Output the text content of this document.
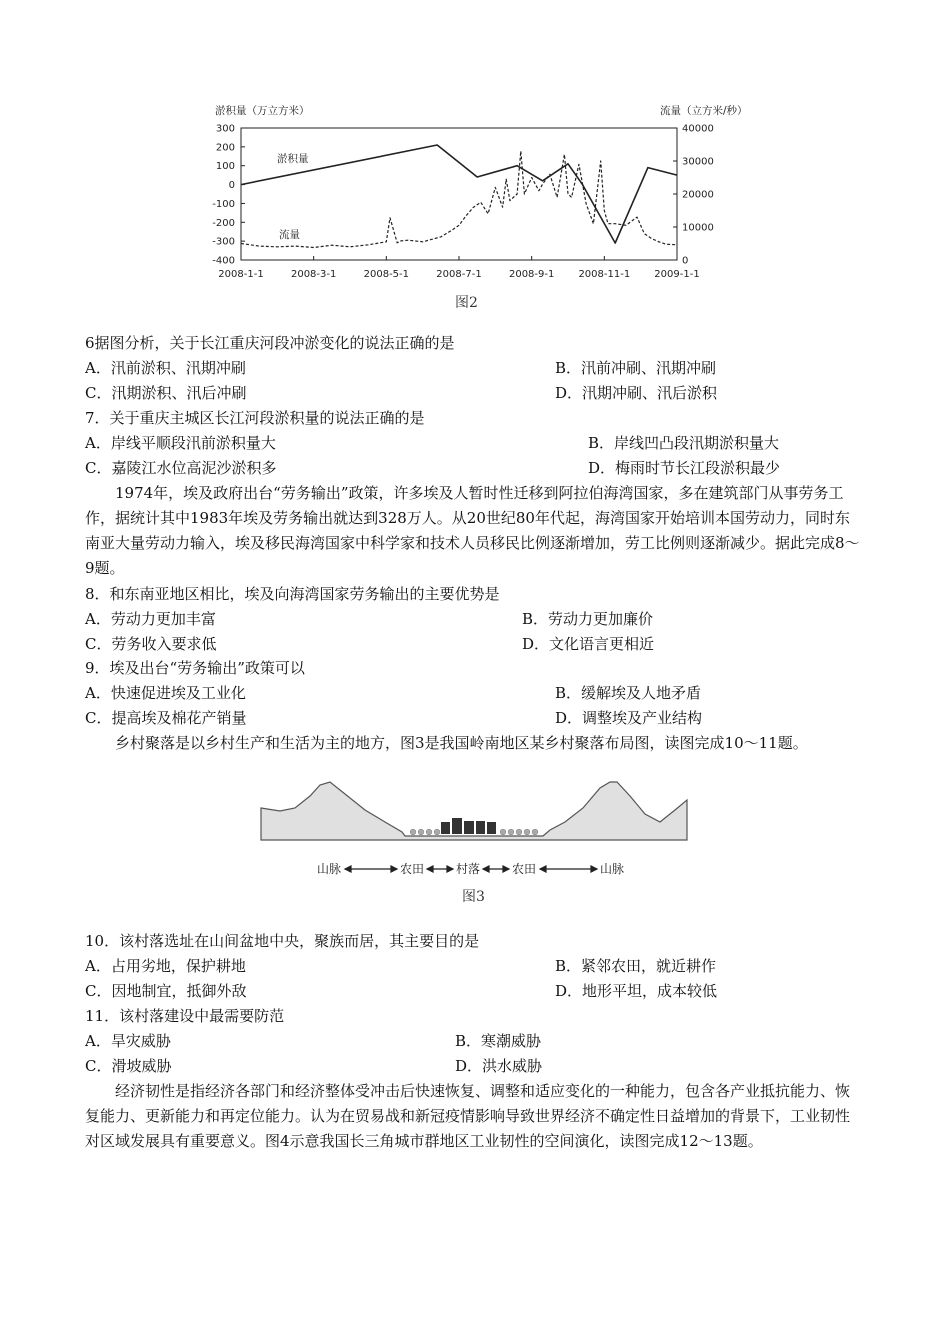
淤积量（万立方米）	流量（立方米/秒）
300
200
100
0
-100
-200
-300
-400
40000
30000
20000
10000
0
2008-1-1	2008-3-1	2008-5-1	2008-7-1	2008-9-1 2008-11-1 2009-1-1
淤积量
流量
图2
6据图分析，关于长江重庆河段冲淤变化的说法正确的是
A．汛前淤积、汛期冲刷	B．汛前冲刷、汛期冲刷
C．汛期淤积、汛后冲刷	D．汛期冲刷、汛后淤积
7．关于重庆主城区长江河段淤积量的说法正确的是
A．岸线平顺段汛前淤积量大	B．岸线凹凸段汛期淤积量大
C．嘉陵江水位高泥沙淤积多	D．梅雨时节长江段淤积最少
1974年，埃及政府出台“劳务输出”政策，许多埃及人暂时性迁移到阿拉伯海湾国家，多在建筑部门从事劳务工作，据统计其中1983年埃及劳务输出就达到328万人。从20世纪80年代起，海湾国家开始培训本国劳动力，同时东南亚大量劳动力输入，埃及移民海湾国家中科学家和技术人员移民比例逐渐增加，劳工比例则逐渐减少。据此完成8～9题。
8．和东南亚地区相比，埃及向海湾国家劳务输出的主要优势是
A．劳动力更加丰富	B．劳动力更加廉价
C．劳务收入要求低	D．文化语言更相近
9．埃及出台“劳务输出”政策可以
A．快速促进埃及工业化	B．缓解埃及人地矛盾
C．提高埃及棉花产销量	D．调整埃及产业结构
乡村聚落是以乡村生产和生活为主的地方，图3是我国岭南地区某乡村聚落布局图，读图完成10～11题。
山脉	农田	村落	农田	山脉
图3
10．该村落选址在山间盆地中央，聚族而居，其主要目的是
A．占用劣地，保护耕地	B．紧邻农田，就近耕作
C．因地制宜，抵御外敌	D．地形平坦，成本较低
11．该村落建设中最需要防范
A．旱灾威胁	B．寒潮威胁
C．滑坡威胁	D．洪水威胁
经济韧性是指经济各部门和经济整体受冲击后快速恢复、调整和适应变化的一种能力，包含各产业抵抗能力、恢复能力、更新能力和再定位能力。认为在贸易战和新冠疫情影响导致世界经济不确定性日益增加的背景下，工业韧性对区域发展具有重要意义。图4示意我国长三角城市群地区工业韧性的空间演化，读图完成12～13题。
